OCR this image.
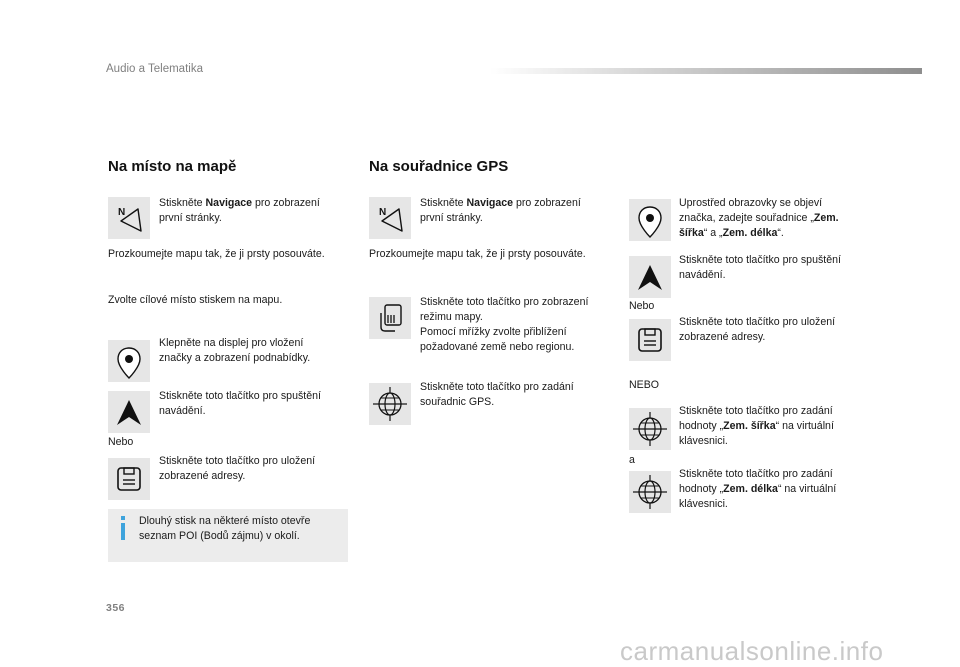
Audio a Telematika
Na místo na mapě
N
Stiskněte Navigace pro zobrazení
první stránky.
Prozkoumejte mapu tak, že ji prsty posouváte.
Zvolte cílové místo stiskem na mapu.
Klepněte na displej pro vložení
značky a zobrazení podnabídky.
Stiskněte toto tlačítko pro spuštění
navádění.
Nebo
Stiskněte toto tlačítko pro uložení
zobrazené adresy.
Dlouhý stisk na některé místo otevře
seznam POI (Bodů zájmu) v okolí.
Na souřadnice GPS
N
Stiskněte Navigace pro zobrazení
první stránky.
Prozkoumejte mapu tak, že ji prsty posouváte.
Stiskněte toto tlačítko pro zobrazení
režimu mapy.
Pomocí mřížky zvolte přiblížení
požadované země nebo regionu.
Stiskněte toto tlačítko pro zadání
souřadnic GPS.
Uprostřed obrazovky se objeví
značka, zadejte souřadnice „Zem.
šířka“ a „Zem. délka“.
Stiskněte toto tlačítko pro spuštění
navádění.
Nebo
Stiskněte toto tlačítko pro uložení
zobrazené adresy.
NEBO
Stiskněte toto tlačítko pro zadání
hodnoty „Zem. šířka“ na virtuální
klávesnici.
a
Stiskněte toto tlačítko pro zadání
hodnoty „Zem. délka“ na virtuální
klávesnici.
356
carmanualsonline.info
